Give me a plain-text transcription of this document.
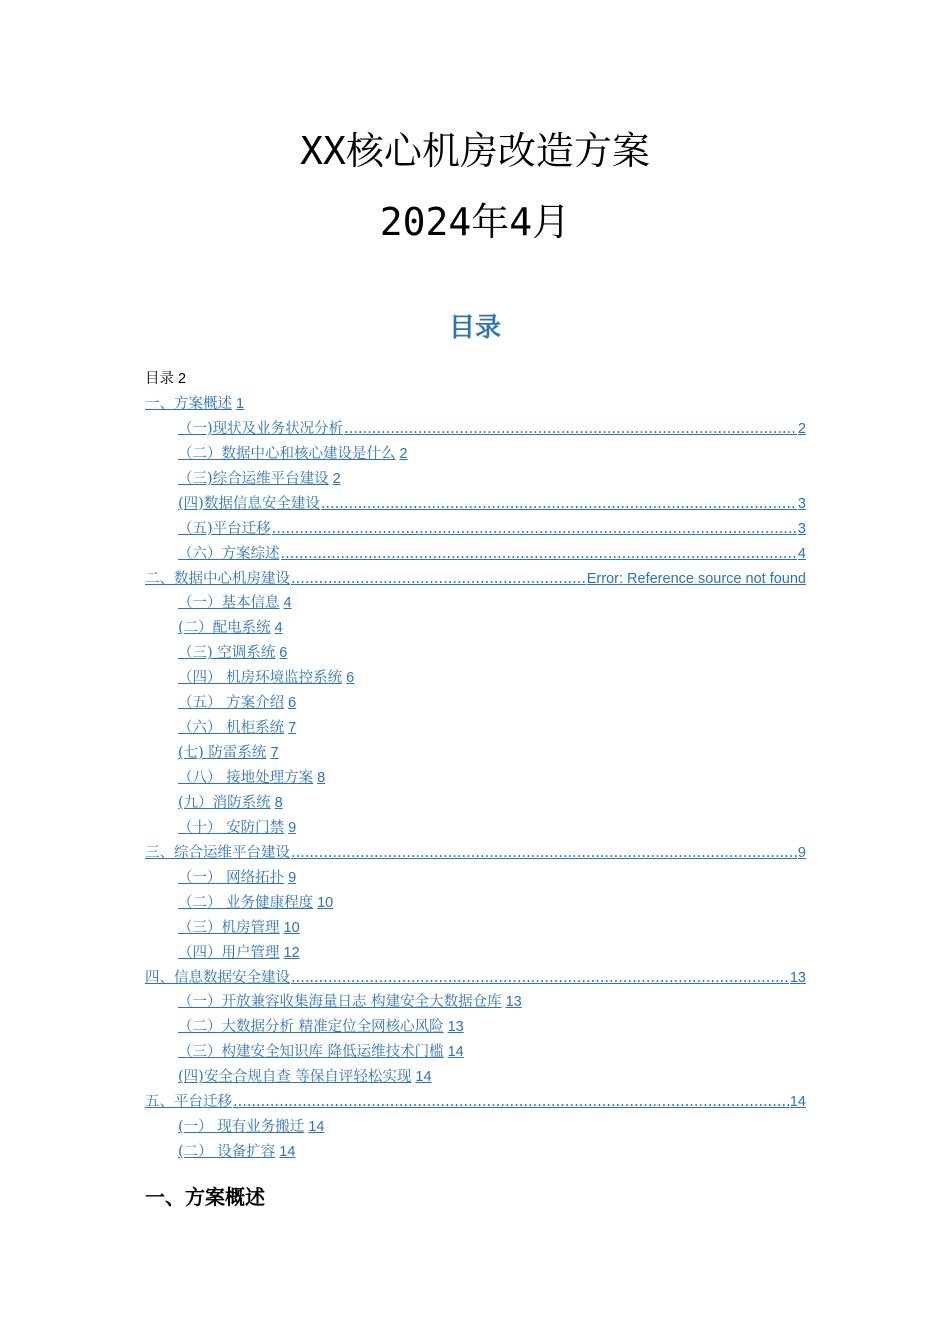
XX核心机房改造方案
2024年4月
目录
目录 2
一、方案概述 1
（一)现状及业务状况分析 .....	2
（二）数据中心和核心建设是什么 2
（三)综合运维平台建设 2
(四)数据信息安全建设 .....	3
（五)平台迁移 .....	3
（六）方案综述 .....	4
二、数据中心机房建设 .....	Error: Reference source not found
（一）基本信息 4
(二）配电系统 4
（三) 空调系统 6
（四） 机房环境监控系统 6
（五） 方案介绍 6
（六） 机柜系统 7
(七) 防雷系统 7
（八） 接地处理方案 8
(九）消防系统 8
（十） 安防门禁 9
三、综合运维平台建设 .....	9
（一） 网络拓扑 9
（二） 业务健康程度 10
（三）机房管理 10
（四）用户管理 12
四、信息数据安全建设 .....	13
（一）开放兼容收集海量日志 构建安全大数据仓库 13
（二）大数据分析 精准定位全网核心风险 13
（三）构建安全知识库 降低运维技术门槛 14
(四)安全合规自查 等保自评轻松实现 14
五、平台迁移 .....	14
(一） 现有业务搬迁 14
(二） 设备扩容 14
一、方案概述
